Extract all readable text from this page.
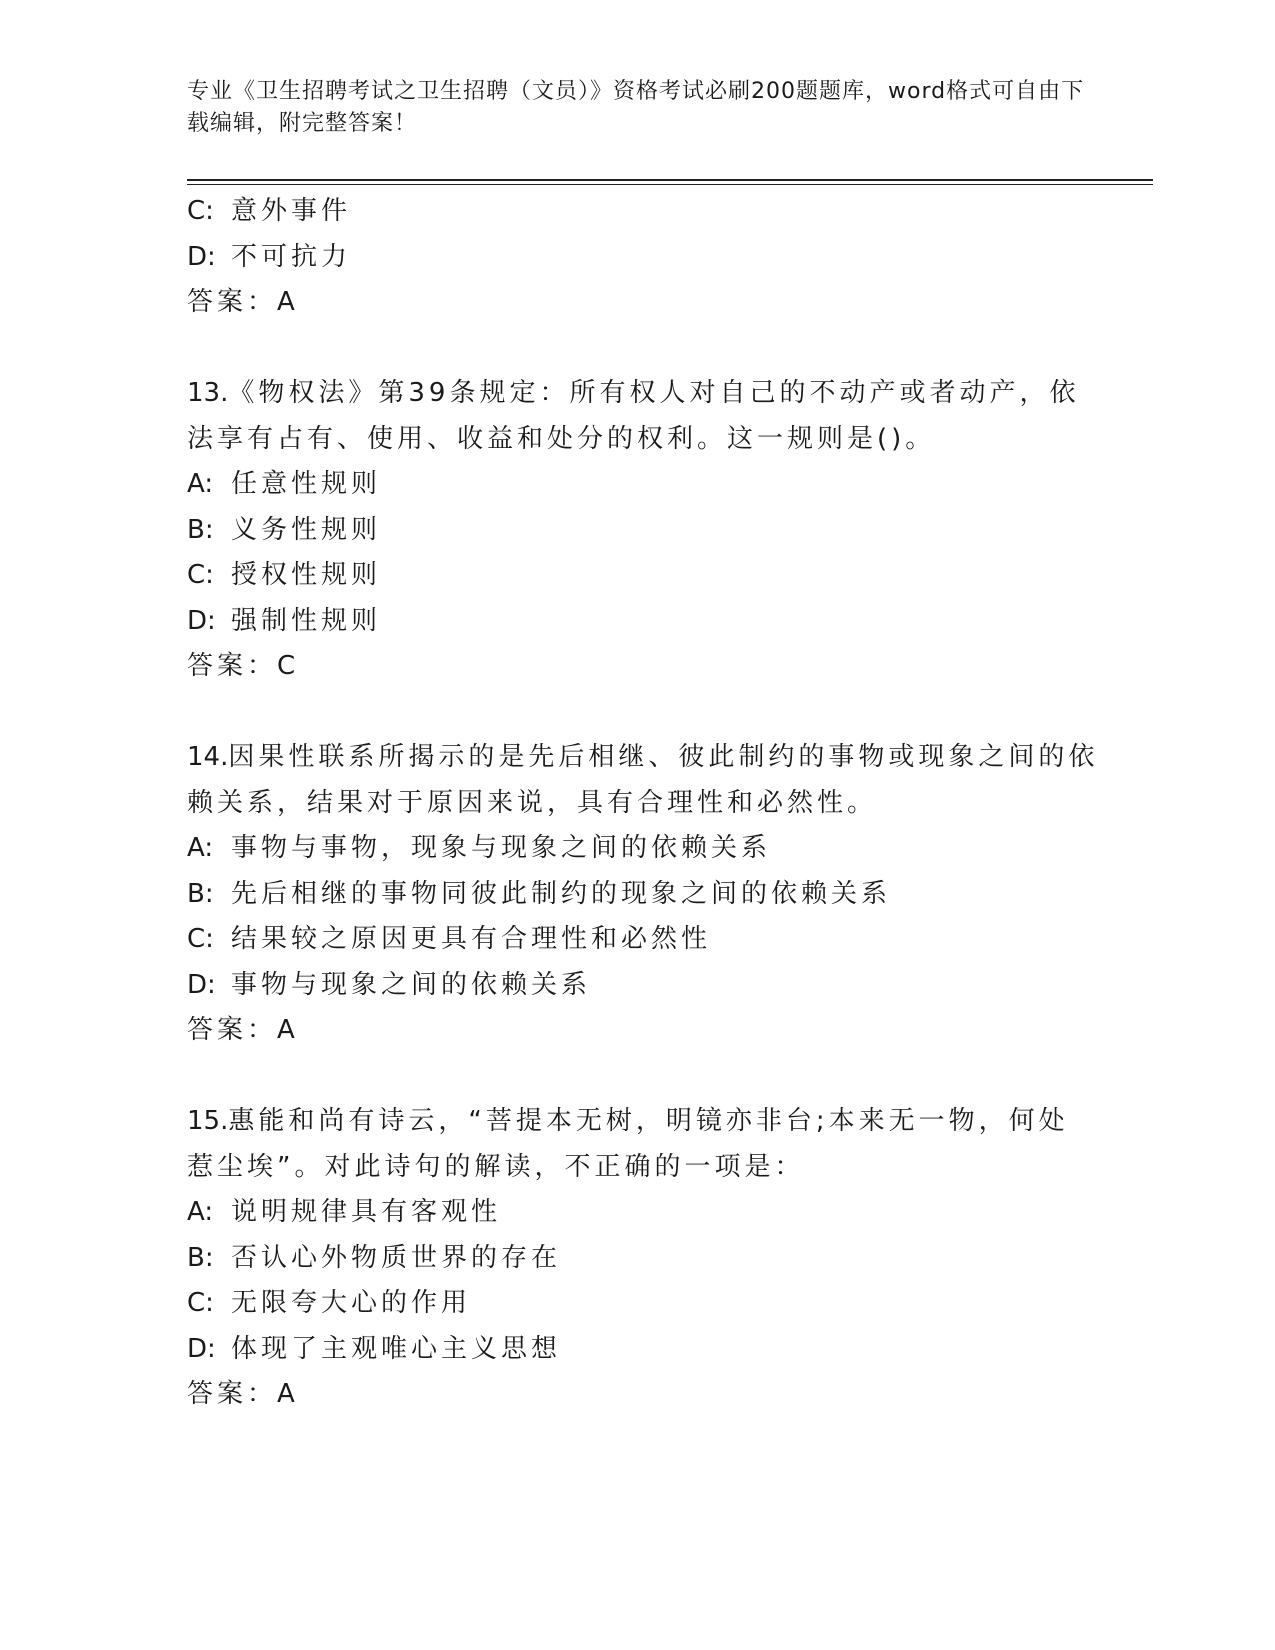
专业《卫生招聘考试之卫生招聘（文员）》资格考试必刷200题题库，word格式可自由下载编辑，附完整答案！
C: 意外事件
D: 不可抗力
答案：A
13.《物权法》第39条规定：所有权人对自己的不动产或者动产，依
法享有占有、使用、收益和处分的权利。这一规则是()。
A: 任意性规则
B: 义务性规则
C: 授权性规则
D: 强制性规则
答案：C
14.因果性联系所揭示的是先后相继、彼此制约的事物或现象之间的依
赖关系，结果对于原因来说，具有合理性和必然性。
A: 事物与事物，现象与现象之间的依赖关系
B: 先后相继的事物同彼此制约的现象之间的依赖关系
C: 结果较之原因更具有合理性和必然性
D: 事物与现象之间的依赖关系
答案：A
15.惠能和尚有诗云，“菩提本无树，明镜亦非台;本来无一物，何处
惹尘埃”。对此诗句的解读，不正确的一项是：
A: 说明规律具有客观性
B: 否认心外物质世界的存在
C: 无限夸大心的作用
D: 体现了主观唯心主义思想
答案：A
